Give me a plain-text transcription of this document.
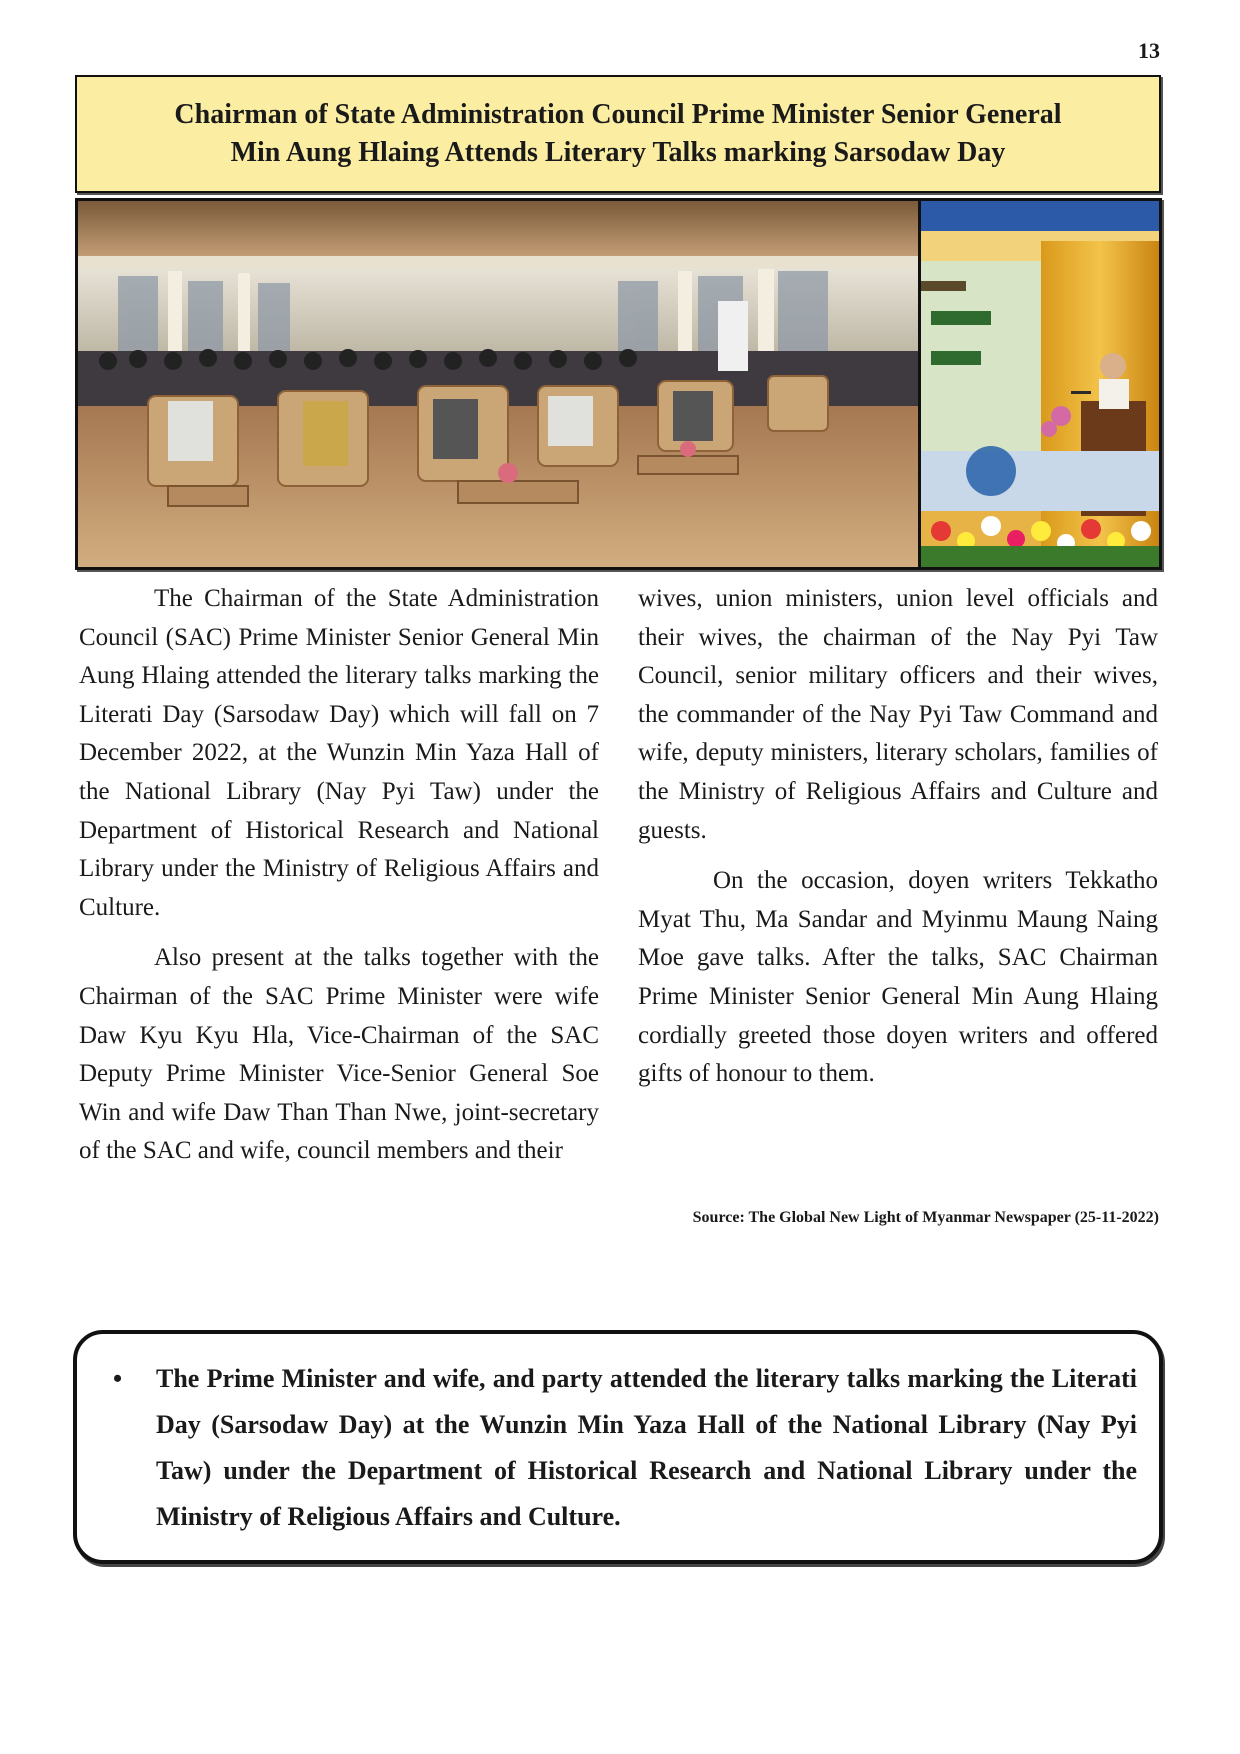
13
Chairman of State Administration Council Prime Minister Senior General
Min Aung Hlaing Attends Literary Talks marking Sarsodaw Day

The Chairman of the State Administration Council (SAC) Prime Minister Senior General Min Aung Hlaing attended the literary talks marking the Literati Day (Sarsodaw Day) which will fall on 7 December 2022, at the Wunzin Min Yaza Hall of the National Library (Nay Pyi Taw) under the Department of Historical Research and National Library under the Ministry of Religious Affairs and Culture.

Also present at the talks together with the Chairman of the SAC Prime Minister were wife Daw Kyu Kyu Hla, Vice-Chairman of the SAC Deputy Prime Minister Vice-Senior General Soe Win and wife Daw Than Than Nwe, joint-secretary of the SAC and wife, council members and their

wives, union ministers, union level officials and their wives, the chairman of the Nay Pyi Taw Council, senior military officers and their wives, the commander of the Nay Pyi Taw Command and wife, deputy ministers, literary scholars, families of the Ministry of Religious Affairs and Culture and guests.

On the occasion, doyen writers Tekkatho Myat Thu, Ma Sandar and Myinmu Maung Naing Moe gave talks. After the talks, SAC Chairman Prime Minister Senior General Min Aung Hlaing cordially greeted those doyen writers and offered gifts of honour to them.

Source: The Global New Light of Myanmar Newspaper (25-11-2022)
•	The Prime Minister and wife, and party attended the literary talks marking the Literati Day (Sarsodaw Day) at the Wunzin Min Yaza Hall of the National Library (Nay Pyi Taw) under the Department of Historical Research and National Library under the Ministry of Religious Affairs and Culture.
